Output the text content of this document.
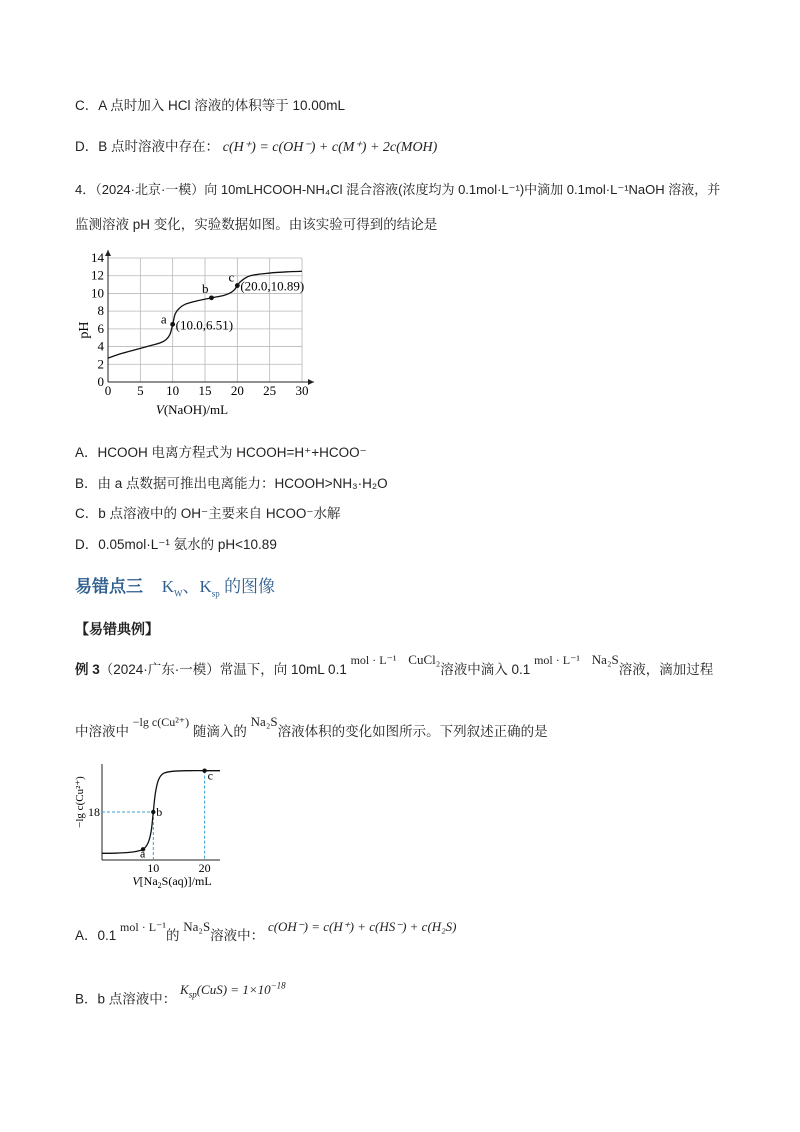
C．A 点时加入 HCl 溶液的体积等于 10.00mL
D．B 点时溶液中存在： c(H⁺) = c(OH⁻) + c(M⁺) + 2c(MOH)
4．（2024·北京·一模）向 10mLHCOOH-NH₄Cl 混合溶液(浓度均为 0.1mol·L⁻¹)中滴加 0.1mol·L⁻¹NaOH 溶液，并
监测溶液 pH 变化，实验数据如图。由该实验可得到的结论是
0 5 10 15 20 25 30
0
2
4
6
8
10
12
14
a (10.0,6.51)
b
c
(20.0,10.89)
V(NaOH)/mL
pH
A．HCOOH 电离方程式为 HCOOH=H⁺+HCOO⁻
B．由 a 点数据可推出电离能力：HCOOH>NH₃·H₂O
C．b 点溶液中的 OH⁻主要来自 HCOO⁻水解
D．0.05mol·L⁻¹ 氨水的 pH<10.89
易错点三 $K_W$、$K_{sp}$ 的图像
【易错典例】
例 3（2024·广东·一模）常温下，向 10mL 0.1 mol · L⁻¹ CuCl₂溶液中滴入 0.1 mol · L⁻¹ Na₂S溶液，滴加过程
中溶液中 −lg c(Cu²⁺) 随滴入的 Na₂S溶液体积的变化如图所示。下列叙述正确的是
10	20
18
a
b
c
$V[Na_2S(aq)]/mL$
−lg c(Cu²⁺)
A．0.1 mol · L⁻¹的 Na₂S溶液中： c(OH⁻) = c(H⁺) + c(HS⁻) + c(H₂S)
B．b 点溶液中： $K_{sp}(CuS) = 1\times 10^{-18}$
